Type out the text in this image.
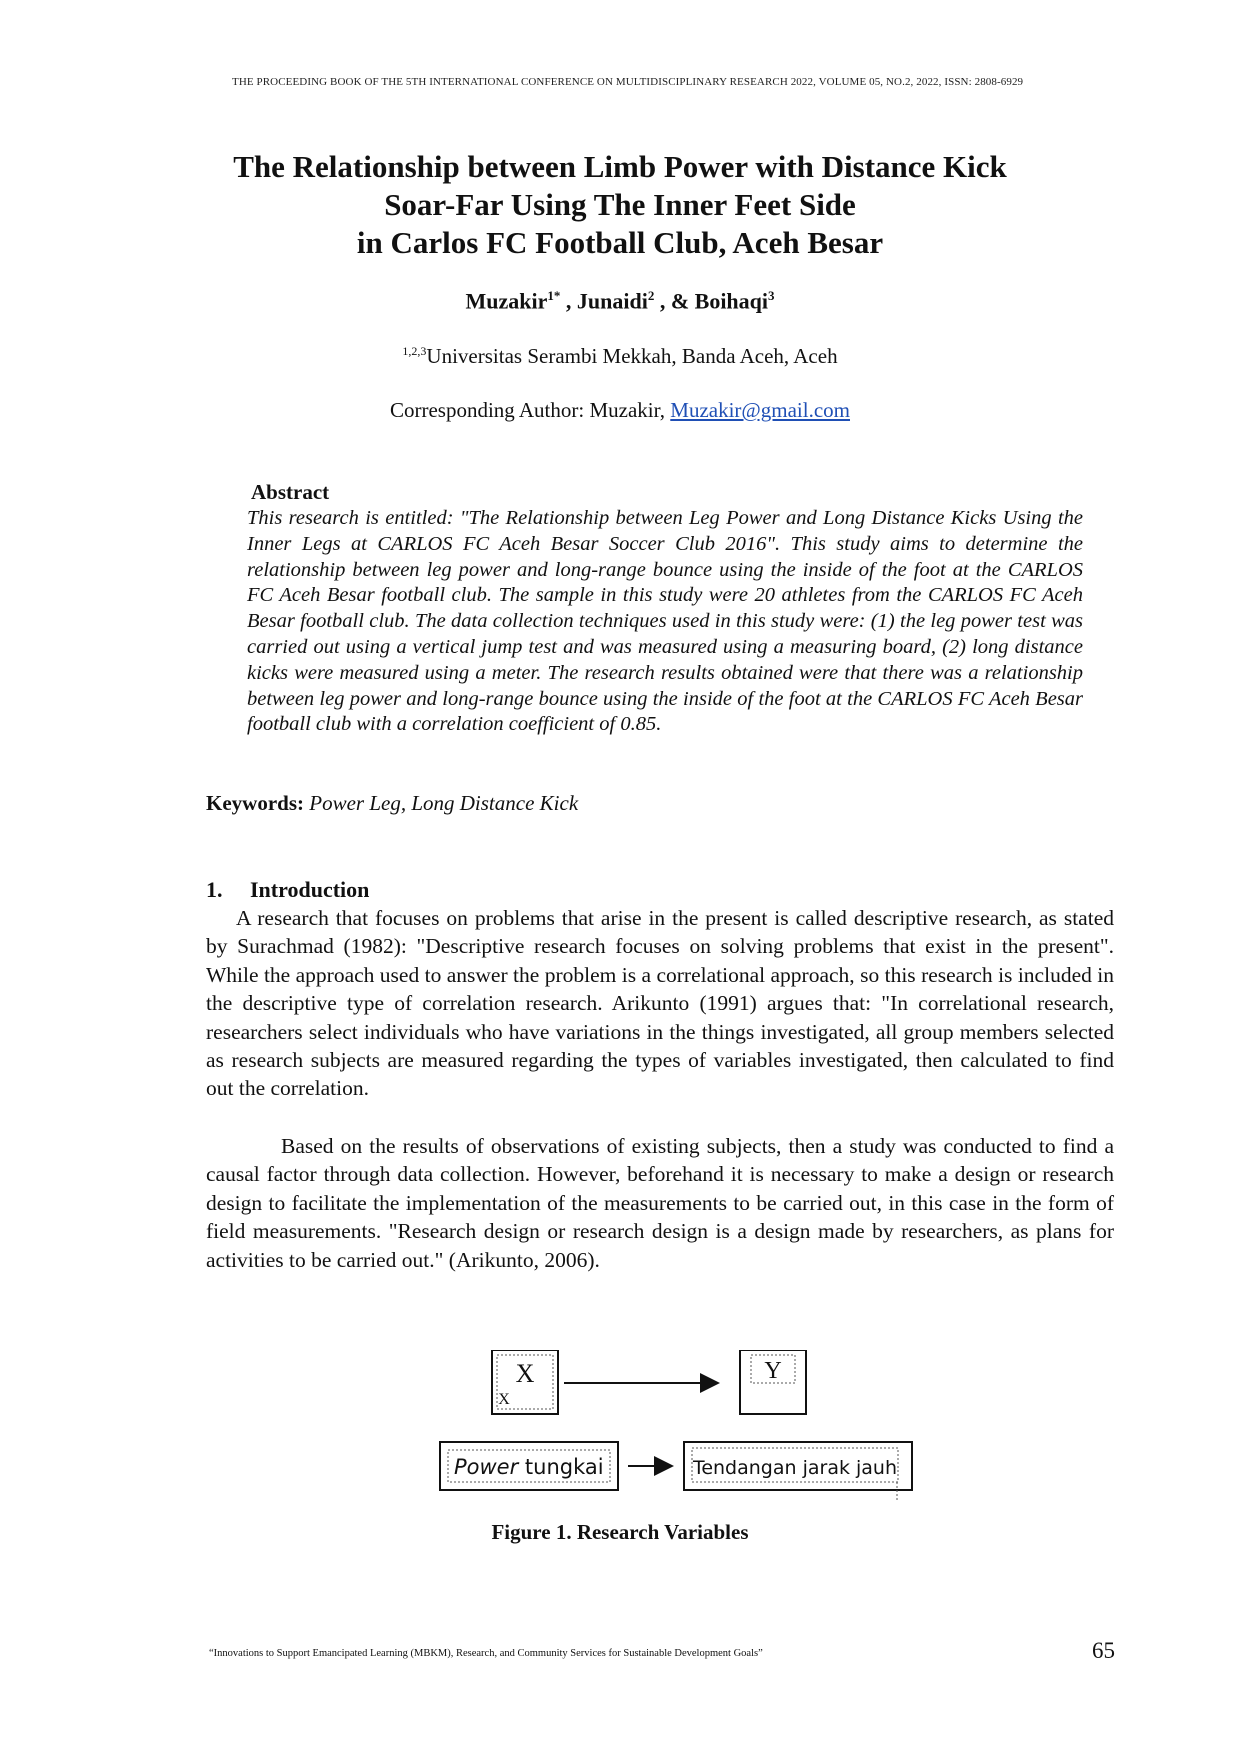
THE PROCEEDING BOOK OF THE 5TH INTERNATIONAL CONFERENCE ON MULTIDISCIPLINARY RESEARCH 2022, VOLUME 05, NO.2, 2022, ISSN: 2808-6929
The Relationship between Limb Power with Distance Kick
Soar-Far Using The Inner Feet Side
in Carlos FC Football Club, Aceh Besar
Muzakir$^{1*}$ , Junaidi$^2$ , & Boihaqi$^3$
$^{1,2,3}$Universitas Serambi Mekkah, Banda Aceh, Aceh
Corresponding Author: Muzakir, Muzakir@gmail.com
Abstract
This research is entitled: "The Relationship between Leg Power and Long Distance Kicks Using the Inner Legs at CARLOS FC Aceh Besar Soccer Club 2016". This study aims to determine the relationship between leg power and long-range bounce using the inside of the foot at the CARLOS FC Aceh Besar football club. The sample in this study were 20 athletes from the CARLOS FC Aceh Besar football club. The data collection techniques used in this study were: (1) the leg power test was carried out using a vertical jump test and was measured using a measuring board, (2) long distance kicks were measured using a meter. The research results obtained were that there was a relationship between leg power and long-range bounce using the inside of the foot at the CARLOS FC Aceh Besar football club with a correlation coefficient of 0.85.
Keywords: Power Leg, Long Distance Kick
1. Introduction
A research that focuses on problems that arise in the present is called descriptive research, as stated by Surachmad (1982): "Descriptive research focuses on solving problems that exist in the present". While the approach used to answer the problem is a correlational approach, so this research is included in the descriptive type of correlation research. Arikunto (1991) argues that: "In correlational research, researchers select individuals who have variations in the things investigated, all group members selected as research subjects are measured regarding the types of variables investigated, then calculated to find out the correlation.
Based on the results of observations of existing subjects, then a study was conducted to find a causal factor through data collection. However, beforehand it is necessary to make a design or research design to facilitate the implementation of the measurements to be carried out, in this case in the form of field measurements. "Research design or research design is a design made by researchers, as plans for activities to be carried out." (Arikunto, 2006).
X
X
Y
Power tungkai	Tendangan jarak jauh
Figure 1. Research Variables
“Innovations to Support Emancipated Learning (MBKM), Research, and Community Services for Sustainable Development Goals”	65
